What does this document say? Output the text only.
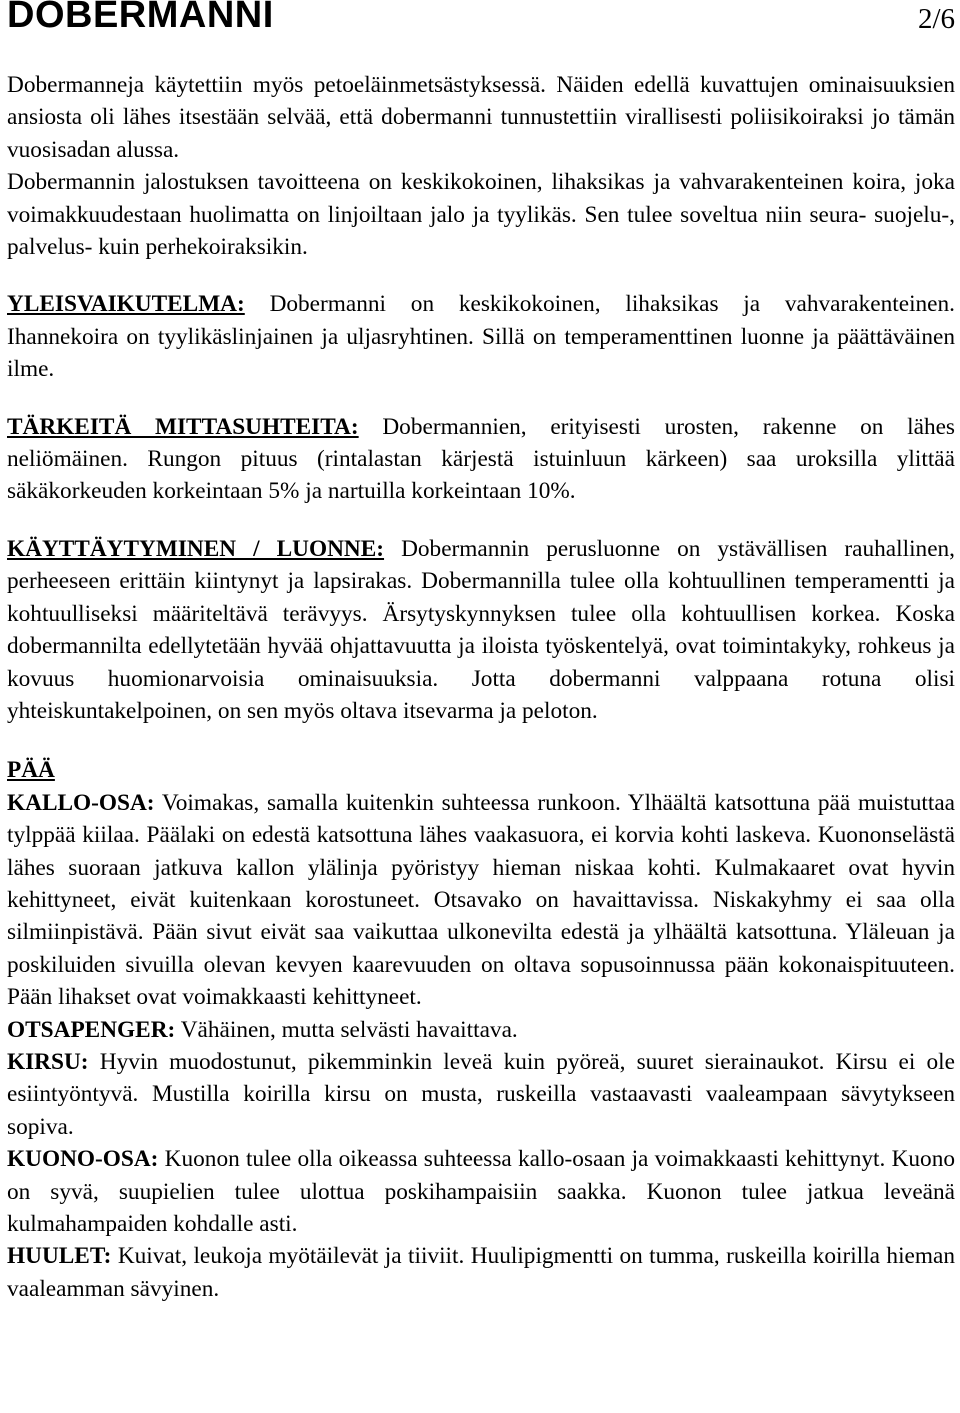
DOBERMANNI	2/6

Dobermanneja käytettiin myös petoeläinmetsästyksessä. Näiden edellä kuvattujen ominaisuuksien ansiosta oli lähes itsestään selvää, että dobermanni tunnustettiin virallisesti poliisikoiraksi jo tämän vuosisadan alussa.

Dobermannin jalostuksen tavoitteena on keskikokoinen, lihaksikas ja vahvarakenteinen koira, joka voimakkuudestaan huolimatta on linjoiltaan jalo ja tyylikäs. Sen tulee soveltua niin seura- suojelu-, palvelus- kuin perhekoiraksikin.

YLEISVAIKUTELMA: Dobermanni on keskikokoinen, lihaksikas ja vahvarakenteinen. Ihannekoira on tyylikäslinjainen ja uljasryhtinen. Sillä on temperamenttinen luonne ja päättäväinen ilme.

TÄRKEITÄ MITTASUHTEITA: Dobermannien, erityisesti urosten, rakenne on lähes neliömäinen. Rungon pituus (rintalastan kärjestä istuinluun kärkeen) saa uroksilla ylittää säkäkorkeuden korkeintaan 5% ja nartuilla korkeintaan 10%.

KÄYTTÄYTYMINEN / LUONNE: Dobermannin perusluonne on ystävällisen rauhallinen, perheeseen erittäin kiintynyt ja lapsirakas. Dobermannilla tulee olla kohtuullinen temperamentti ja kohtuulliseksi määriteltävä terävyys. Ärsytyskynnyksen tulee olla kohtuullisen korkea. Koska dobermannilta edellytetään hyvää ohjattavuutta ja iloista työskentelyä, ovat toimintakyky, rohkeus ja kovuus huomionarvoisia ominaisuuksia. Jotta dobermanni valppaana rotuna olisi yhteiskuntakelpoinen, on sen myös oltava itsevarma ja peloton.

PÄÄ

KALLO-OSA: Voimakas, samalla kuitenkin suhteessa runkoon. Ylhäältä katsottuna pää muistuttaa tylppää kiilaa. Päälaki on edestä katsottuna lähes vaakasuora, ei korvia kohti laskeva. Kuononselästä lähes suoraan jatkuva kallon ylälinja pyöristyy hieman niskaa kohti. Kulmakaaret ovat hyvin kehittyneet, eivät kuitenkaan korostuneet. Otsavako on havaittavissa. Niskakyhmy ei saa olla silmiinpistävä. Pään sivut eivät saa vaikuttaa ulkonevilta edestä ja ylhäältä katsottuna. Yläleuan ja poskiluiden sivuilla olevan kevyen kaarevuuden on oltava sopusoinnussa pään kokonaispituuteen. Pään lihakset ovat voimakkaasti kehittyneet.

OTSAPENGER: Vähäinen, mutta selvästi havaittava.

KIRSU: Hyvin muodostunut, pikemminkin leveä kuin pyöreä, suuret sierainaukot. Kirsu ei ole esiintyöntyvä. Mustilla koirilla kirsu on musta, ruskeilla vastaavasti vaaleampaan sävytykseen sopiva.

KUONO-OSA: Kuonon tulee olla oikeassa suhteessa kallo-osaan ja voimakkaasti kehittynyt. Kuono on syvä, suupielien tulee ulottua poskihampaisiin saakka. Kuonon tulee jatkua leveänä kulmahampaiden kohdalle asti.

HUULET: Kuivat, leukoja myötäilevät ja tiiviit. Huulipigmentti on tumma, ruskeilla koirilla hieman vaaleamman sävyinen.
